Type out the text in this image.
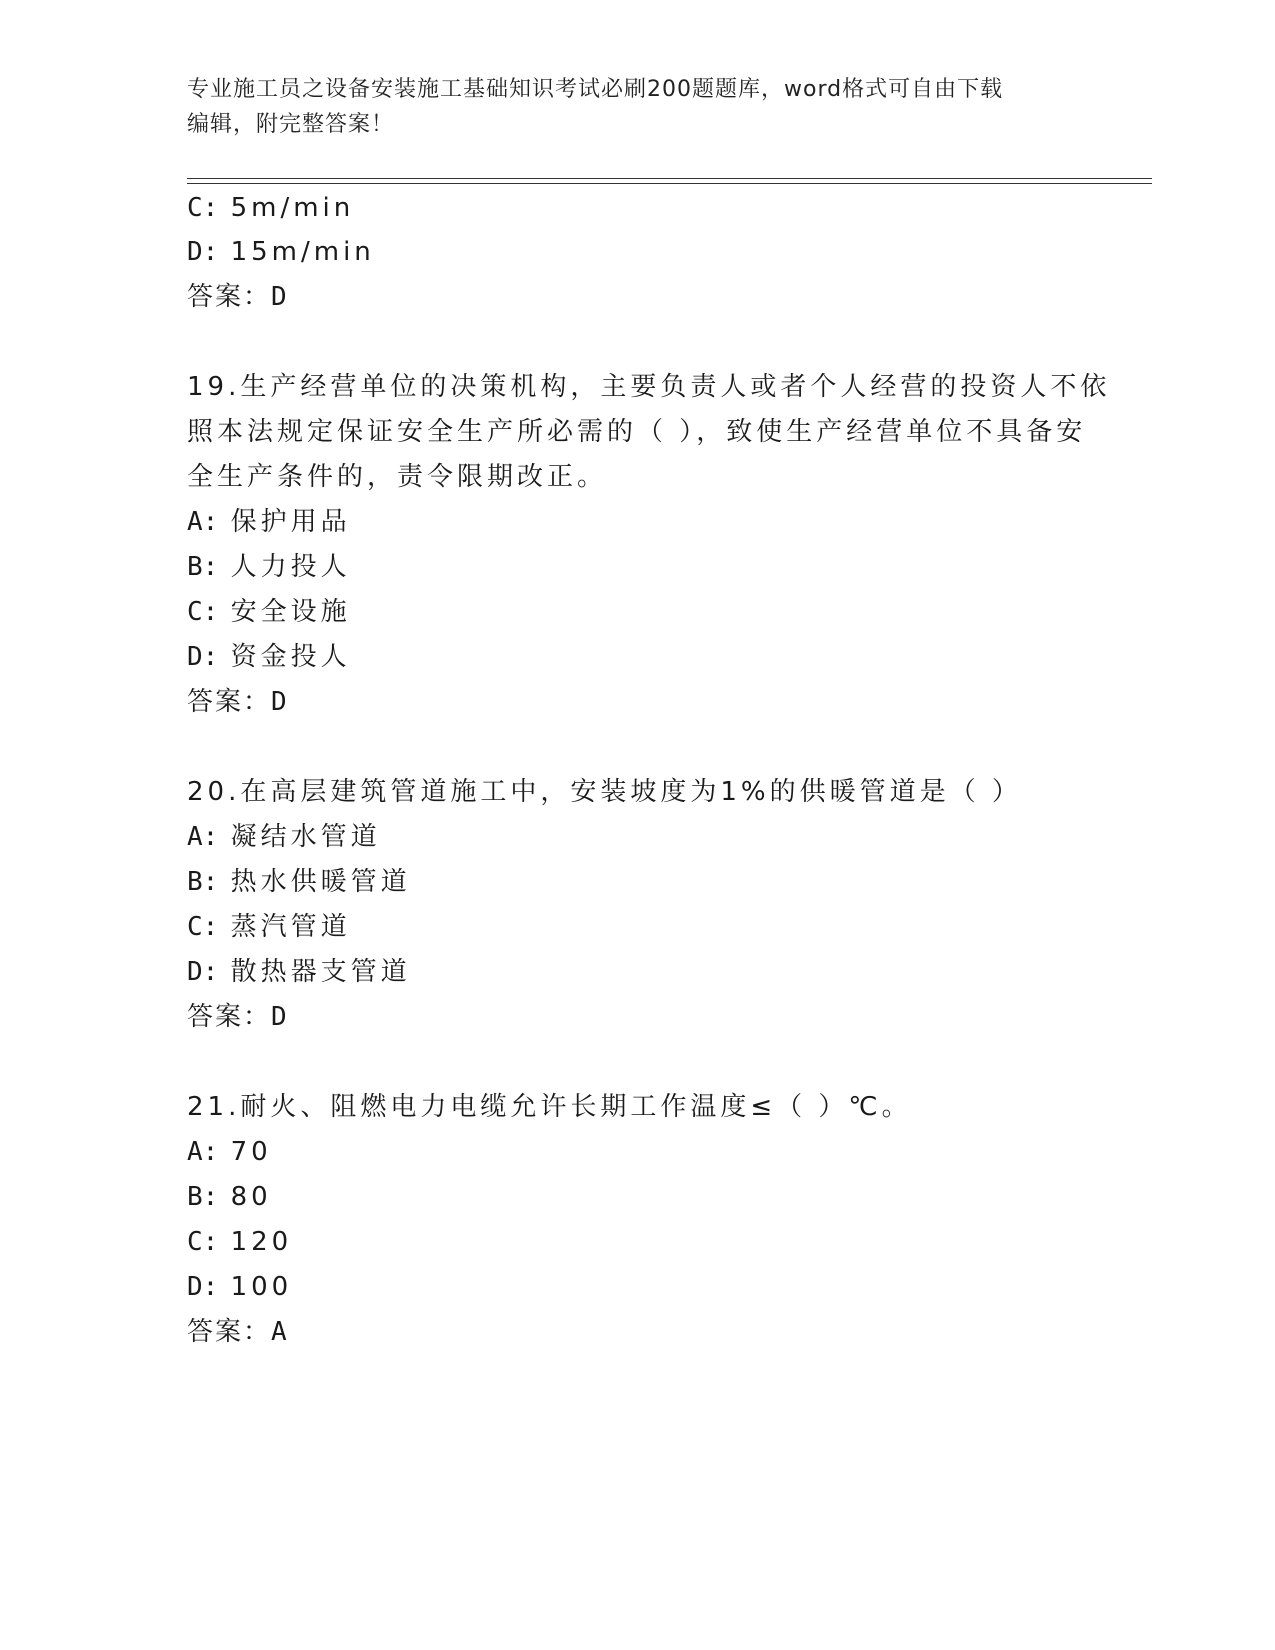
专业施工员之设备安装施工基础知识考试必刷200题题库，word格式可自由下载
编辑，附完整答案！
C: 5m/min
D: 15m/min
答案：D
19.生产经营单位的决策机构，主要负责人或者个人经营的投资人不依
照本法规定保证安全生产所必需的（ ），致使生产经营单位不具备安
全生产条件的，责令限期改正。
A: 保护用品
B: 人力投人
C: 安全设施
D: 资金投人
答案：D
20.在高层建筑管道施工中，安装坡度为1%的供暖管道是（ ）
A: 凝结水管道
B: 热水供暖管道
C: 蒸汽管道
D: 散热器支管道
答案：D
21.耐火、阻燃电力电缆允许长期工作温度≤（ ）℃。
A: 70
B: 80
C: 120
D: 100
答案：A
